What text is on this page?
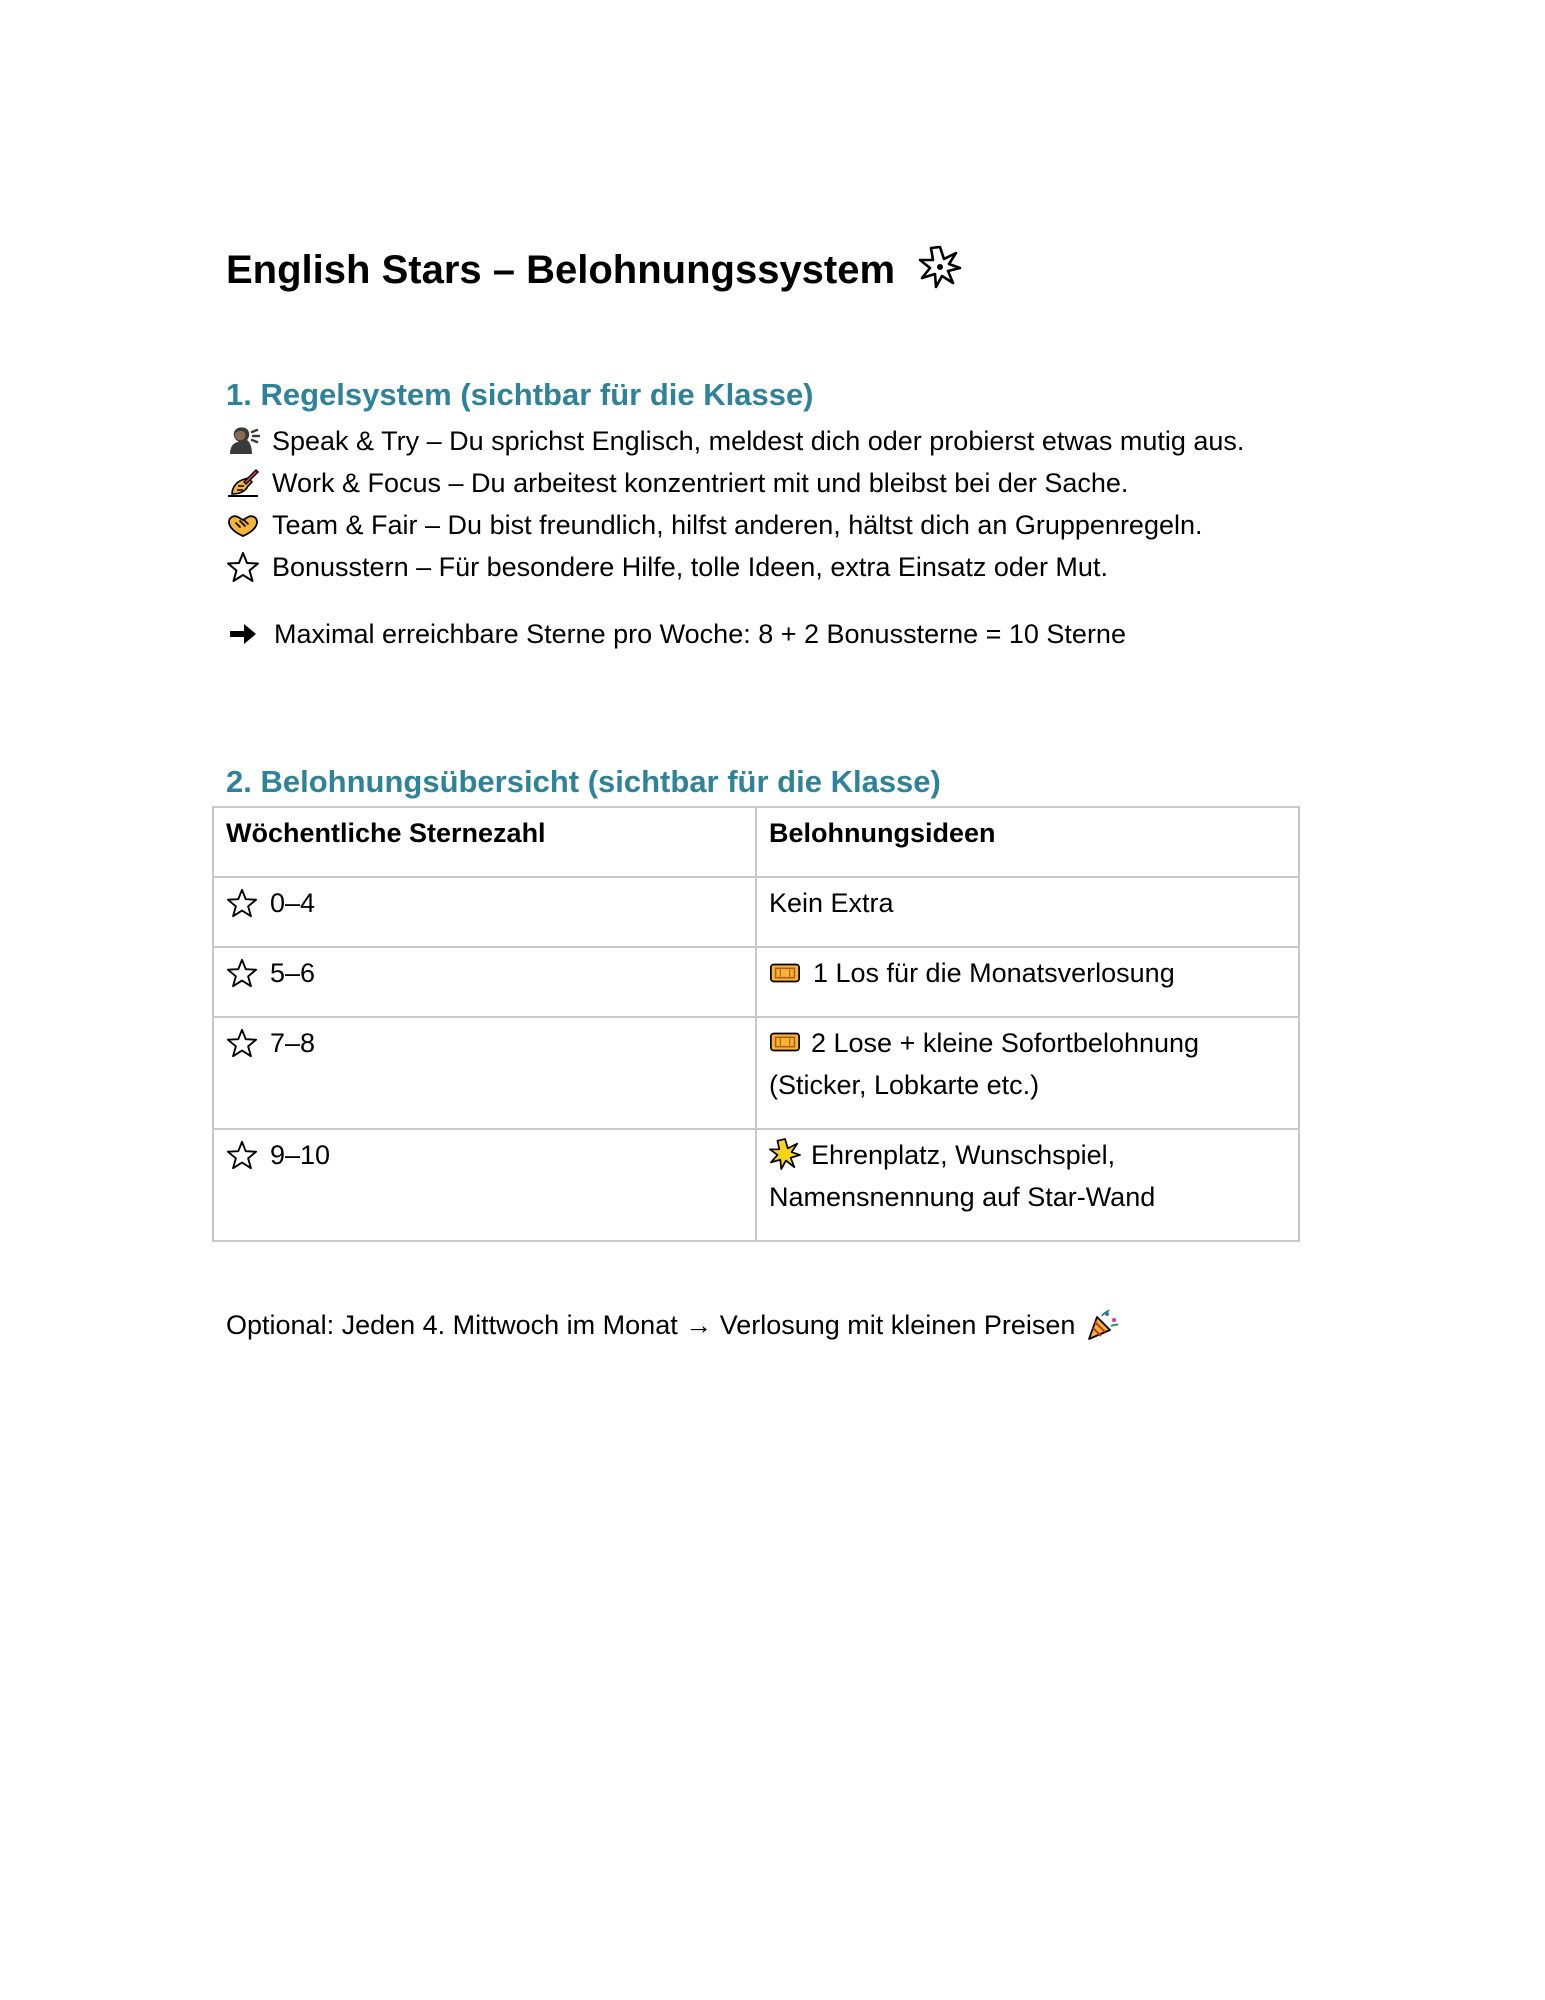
English Stars – Belohnungssystem
1. Regelsystem (sichtbar für die Klasse)
Speak & Try – Du sprichst Englisch, meldest dich oder probierst etwas mutig aus.
Work & Focus – Du arbeitest konzentriert mit und bleibst bei der Sache.
Team & Fair – Du bist freundlich, hilfst anderen, hältst dich an Gruppenregeln.
Bonusstern – Für besondere Hilfe, tolle Ideen, extra Einsatz oder Mut.
Maximal erreichbare Sterne pro Woche: 8 + 2 Bonussterne = 10 Sterne
2. Belohnungsübersicht (sichtbar für die Klasse)
Wöchentliche Sternezahl	Belohnungsideen

0–4	Kein Extra

5–6	1 Los für die Monatsverlosung

7–8	2 Lose + kleine Sofortbelohnung (Sticker, Lobkarte etc.)

9–10	Ehrenplatz, Wunschspiel, Namensnennung auf Star-Wand
Optional: Jeden 4. Mittwoch im Monat → Verlosung mit kleinen Preisen
